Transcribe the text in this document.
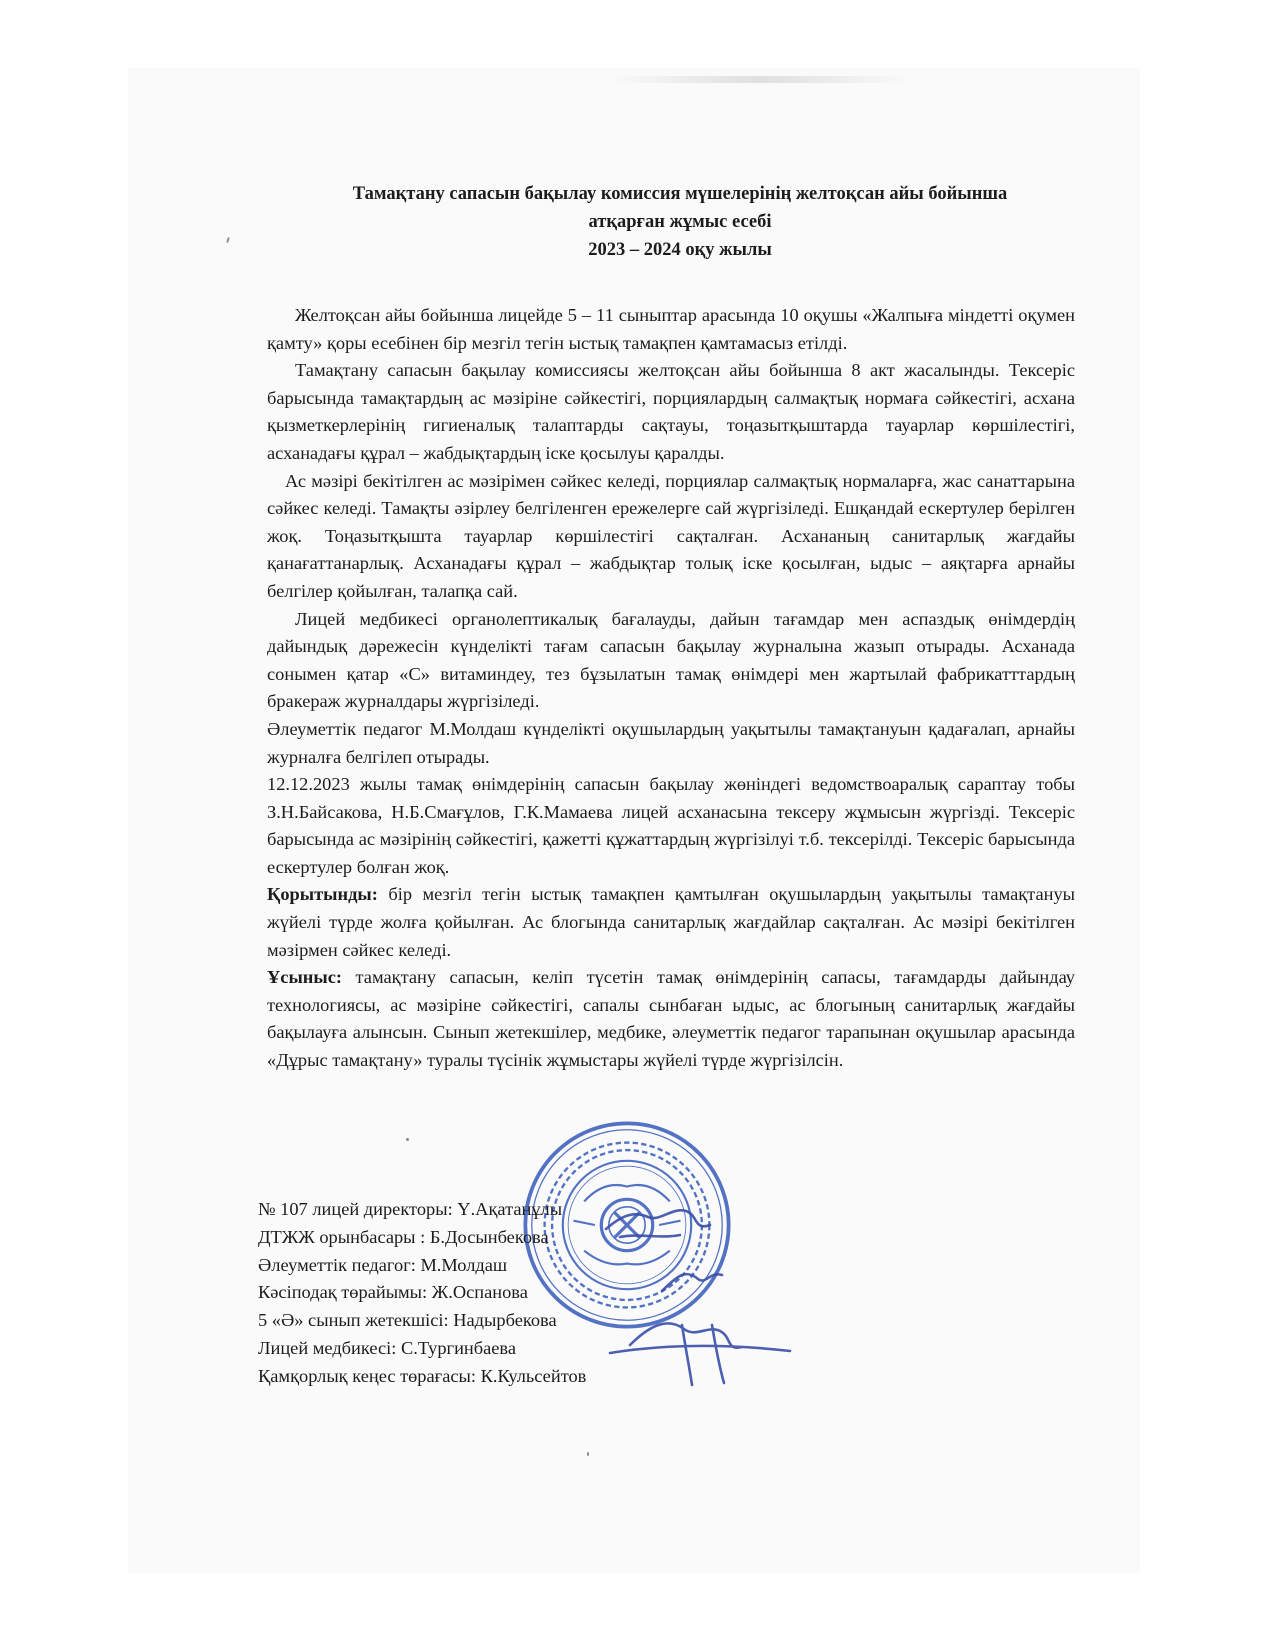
Тамақтану сапасын бақылау комиссия мүшелерінің желтоқсан айы бойынша
атқарған жұмыс есебі
2023 – 2024 оқу жылы

Желтоқсан айы бойынша лицейде 5 – 11 сыныптар арасында 10 оқушы «Жалпыға міндетті оқумен қамту» қоры есебінен бір мезгіл тегін ыстық тамақпен қамтамасыз етілді.

Тамақтану сапасын бақылау комиссиясы желтоқсан айы бойынша 8 акт жасалынды. Тексеріс барысында тамақтардың ас мәзіріне сәйкестігі, порциялардың салмақтық нормаға сәйкестігі, асхана қызметкерлерінің гигиеналық талаптарды сақтауы, тоңазытқыштарда тауарлар көршілестігі, асханадағы құрал – жабдықтардың іске қосылуы қаралды.

Ас мәзірі бекітілген ас мәзірімен сәйкес келеді, порциялар салмақтық нормаларға, жас санаттарына сәйкес келеді. Тамақты әзірлеу белгіленген ережелерге сай жүргізіледі. Ешқандай ескертулер берілген жоқ. Тоңазытқышта тауарлар көршілестігі сақталған. Асхананың санитарлық жағдайы қанағаттанарлық. Асханадағы құрал – жабдықтар толық іске қосылған, ыдыс – аяқтарға арнайы белгілер қойылған, талапқа сай.

Лицей медбикесі органолептикалық бағалауды, дайын тағамдар мен аспаздық өнімдердің дайындық дәрежесін күнделікті тағам сапасын бақылау журналына жазып отырады. Асханада сонымен қатар «С» витаминдеу, тез бұзылатын тамақ өнімдері мен жартылай фабрикатттардың бракераж журналдары жүргізіледі.

Әлеуметтік педагог М.Молдаш күнделікті оқушылардың уақытылы тамақтануын қадағалап, арнайы журналға белгілеп отырады.

12.12.2023 жылы тамақ өнімдерінің сапасын бақылау жөніндегі ведомствоаралық сараптау тобы З.Н.Байсакова, Н.Б.Смағұлов, Г.К.Мамаева лицей асханасына тексеру жұмысын жүргізді. Тексеріс барысында ас мәзірінің сәйкестігі, қажетті құжаттардың жүргізілуі т.б. тексерілді. Тексеріс барысында ескертулер болған жоқ.

Қорытынды: бір мезгіл тегін ыстық тамақпен қамтылған оқушылардың уақытылы тамақтануы жүйелі түрде жолға қойылған. Ас блогында санитарлық жағдайлар сақталған. Ас мәзірі бекітілген мәзірмен сәйкес келеді.

Ұсыныс: тамақтану сапасын, келіп түсетін тамақ өнімдерінің сапасы, тағамдарды дайындау технологиясы, ас мәзіріне сәйкестігі, сапалы сынбаған ыдыс, ас блогының санитарлық жағдайы бақылауға алынсын. Сынып жетекшілер, медбике, әлеуметтік педагог тарапынан оқушылар арасында «Дұрыс тамақтану» туралы түсінік жұмыстары жүйелі түрде жүргізілсін.

№ 107 лицей директоры: Ү.Ақатанұлы
ДТЖЖ орынбасары : Б.Досынбекова
Әлеуметтік педагог: М.Молдаш
Кәсіподақ төрайымы: Ж.Оспанова
5 «Ә» сынып жетекшісі: Надырбекова
Лицей медбикесі: С.Тургинбаева
Қамқорлық кеңес төрағасы: К.Кульсейтов
